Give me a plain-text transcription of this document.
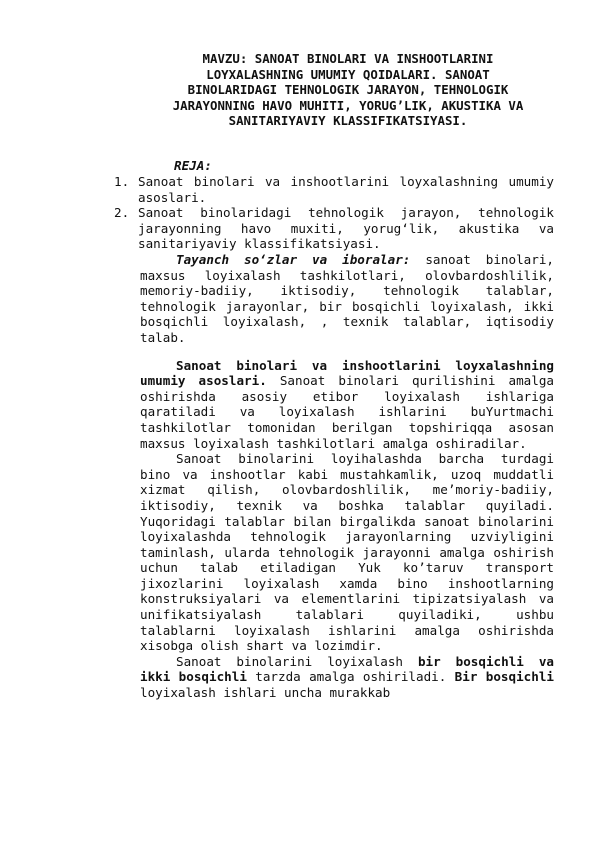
MAVZU: SANOAT BINOLARI VA INSHOOTLARINI
LOYXALASHNING UMUMIY QOIDALARI. SANOAT
BINOLARIDAGI TEHNOLOGIK JARAYON, TEHNOLOGIK
JARAYONNING HAVO MUHITI, YORUG’LIK, AKUSTIKA VA
SANITARIYAVIY KLASSIFIKATSIYASI.
REJA:
1. Sanoat binolari va inshootlarini loyxalashning umumiy asoslari.
2. Sanoat binolaridagi tehnologik jarayon, tehnologik jarayonning havo muxiti, yorug‘lik, akustika va sanitariyaviy klassifikatsiyasi.

Tayanch so‘zlar va iboralar: sanoat binolari, maxsus loyixalash tashkilotlari, olovbardoshlilik, memoriy-badiiy, iktisodiy, tehnologik talablar, tehnologik jarayonlar, bir bosqichli loyixalash, ikki bosqichli loyixalash, , texnik talablar, iqtisodiy talab.

Sanoat binolari va inshootlarini loyxalashning umumiy asoslari. Sanoat binolari qurilishini amalga oshirishda asosiy etibor loyixalash ishlariga qaratiladi va loyixalash ishlarini buYurtmachi tashkilotlar tomonidan berilgan topshiriqqa asosan maxsus loyixalash tashkilotlari amalga oshiradilar.

Sanoat binolarini loyihalashda barcha turdagi bino va inshootlar kabi mustahkamlik, uzoq muddatli xizmat qilish, olovbardoshlilik, me’moriy-badiiy, iktisodiy, texnik va boshka talablar quyiladi. Yuqoridagi talablar bilan birgalikda sanoat binolarini loyixalashda tehnologik jarayonlarning uzviyligini taminlash, ularda tehnologik jarayonni amalga oshirish uchun talab etiladigan Yuk ko’taruv transport jixozlarini loyixalash xamda bino inshootlarning konstruksiyalari va elementlarini tipizatsiyalash va unifikatsiyalash talablari quyiladiki, ushbu talablarni loyixalash ishlarini amalga oshirishda xisobga olish shart va lozimdir.

Sanoat binolarini loyixalash bir bosqichli va ikki bosqichli tarzda amalga oshiriladi. Bir bosqichli loyixalash ishlari uncha murakkab
